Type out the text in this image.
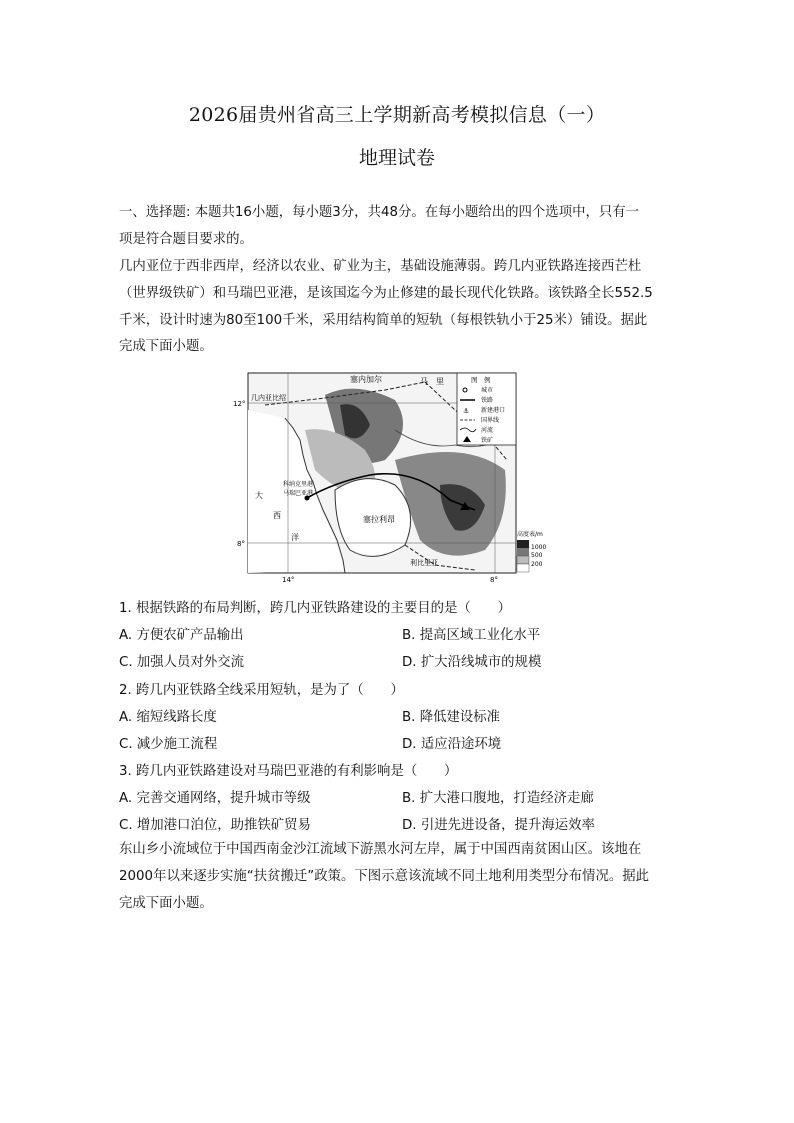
2026届贵州省高三上学期新高考模拟信息（一）
地理试卷
一、选择题: 本题共16小题，每小题3分，共48分。在每小题给出的四个选项中，只有一
项是符合题目要求的。
几内亚位于西非西岸，经济以农业、矿业为主，基础设施薄弱。跨几内亚铁路连接西芒杜
（世界级铁矿）和马瑞巴亚港，是该国迄今为止修建的最长现代化铁路。该铁路全长552.5
千米，设计时速为80至100千米，采用结构简单的短轨（每根铁轨小于25米）铺设。据此
完成下面小题。
塞内加尔	马　里
几内亚比绍
大
西
洋
科纳克里港
马瑞巴亚港
塞拉利昂
利比里亚
12°
8°
14°	8°
图　例
城市
铁路
⚓ 新建港口
国界线
河流
铁矿
高度表/m
1000
500
200
1. 根据铁路的布局判断，跨几内亚铁路建设的主要目的是（　　）
A. 方便农矿产品输出	B. 提高区域工业化水平
C. 加强人员对外交流	D. 扩大沿线城市的规模
2. 跨几内亚铁路全线采用短轨，是为了（　　）
A. 缩短线路长度	B. 降低建设标准
C. 减少施工流程	D. 适应沿途环境
3. 跨几内亚铁路建设对马瑞巴亚港的有利影响是（　　）
A. 完善交通网络，提升城市等级	B. 扩大港口腹地，打造经济走廊
C. 增加港口泊位，助推铁矿贸易	D. 引进先进设备，提升海运效率
东山乡小流域位于中国西南金沙江流域下游黑水河左岸，属于中国西南贫困山区。该地在
2000年以来逐步实施“扶贫搬迁”政策。下图示意该流域不同土地利用类型分布情况。据此
完成下面小题。
